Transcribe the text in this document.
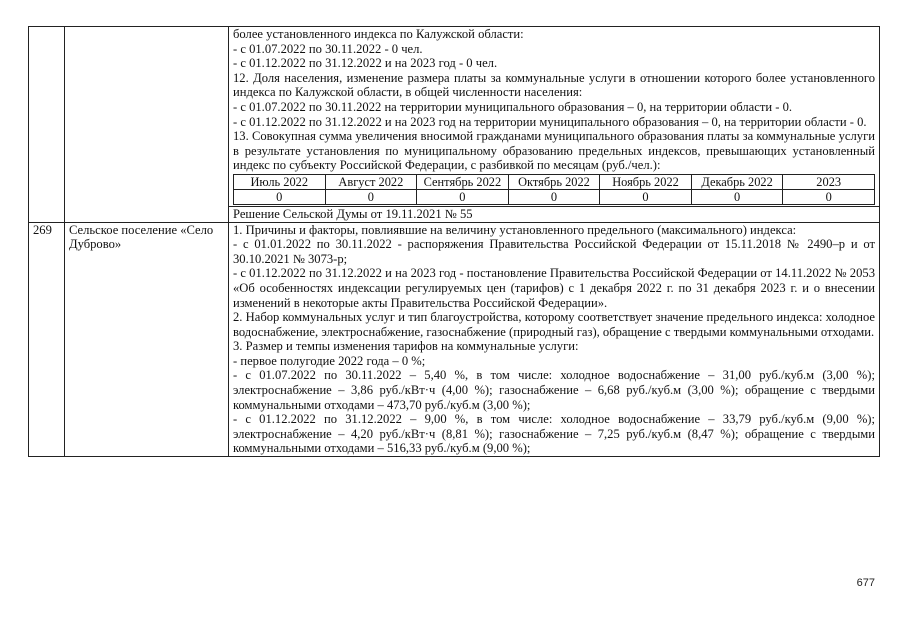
более установленного индекса по Калужской области:

- с 01.07.2022 по 30.11.2022 - 0 чел.

- с 01.12.2022 по 31.12.2022 и на 2023 год - 0 чел.

12. Доля населения, изменение размера платы за коммунальные услуги в отношении которого более установленного индекса по Калужской области, в общей численности населения:

- с 01.07.2022 по 30.11.2022 на территории муниципального образования – 0, на территории области - 0.

- с 01.12.2022 по 31.12.2022 и на 2023 год на территории муниципального образования – 0, на территории области - 0.

13. Совокупная сумма увеличения вносимой гражданами муниципального образования платы за коммунальные услуги в результате установления по муниципальному образованию предельных индексов, превышающих установленный индекс по субъекту Российской Федерации, с разбивкой по месяцам (руб./чел.):

Июль 2022	Август 2022	Сентябрь 2022	Октябрь 2022	Ноябрь 2022	Декабрь 2022	2023
0	0	0	0	0	0	0
Решение Сельской Думы от 19.11.2021 № 55

269	Сельское поселение «Село Дуброво»	

1. Причины и факторы, повлиявшие на величину установленного предельного (максимального) индекса:

- с 01.01.2022 по 30.11.2022 - распоряжения Правительства Российской Федерации от 15.11.2018 № 2490–р и от 30.10.2021 № 3073-р;

- с 01.12.2022 по 31.12.2022 и на 2023 год - постановление Правительства Российской Федерации от 14.11.2022 № 2053 «Об особенностях индексации регулируемых цен (тарифов) с 1 декабря 2022 г. по 31 декабря 2023 г. и о внесении изменений в некоторые акты Правительства Российской Федерации».

2. Набор коммунальных услуг и тип благоустройства, которому соответствует значение предельного индекса: холодное водоснабжение, электроснабжение, газоснабжение (природный газ), обращение с твердыми коммунальными отходами.

3. Размер и темпы изменения тарифов на коммунальные услуги:

- первое полугодие 2022 года – 0 %;

- с 01.07.2022 по 30.11.2022 – 5,40 %, в том числе: холодное водоснабжение – 31,00 руб./куб.м (3,00 %); электроснабжение – 3,86 руб./кВт·ч (4,00 %); газоснабжение – 6,68 руб./куб.м (3,00 %); обращение с твердыми коммунальными отходами – 473,70 руб./куб.м (3,00 %);

- с 01.12.2022 по 31.12.2022 – 9,00 %, в том числе: холодное водоснабжение – 33,79 руб./куб.м (9,00 %); электроснабжение – 4,20 руб./кВт·ч (8,81 %); газоснабжение – 7,25 руб./куб.м (8,47 %); обращение с твердыми коммунальными отходами – 516,33 руб./куб.м (9,00 %);

677
